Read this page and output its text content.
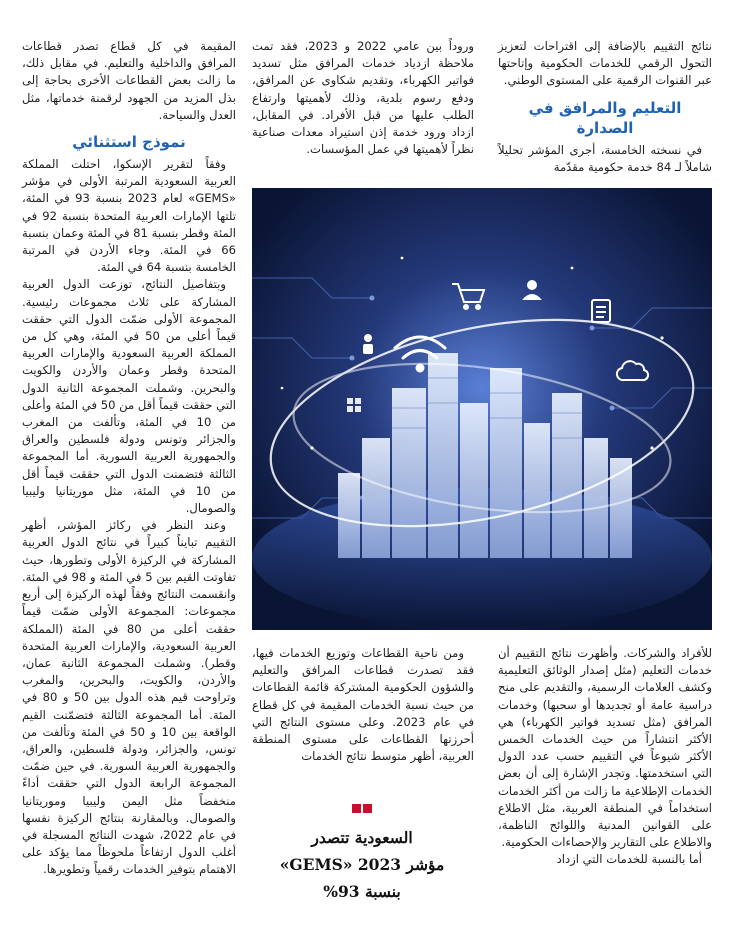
نتائج التقييم بالإضافة إلى اقتراحات لتعزيز التحول الرقمي للخدمات الحكومية وإتاحتها عبر القنوات الرقمية على المستوى الوطني.

التعليم والمرافق في الصدارة

في نسخته الخامسة، أجرى المؤشر تحليلاً شاملاً لـ 84 خدمة حكومية مقدّمة

وروداً بين عامي 2022 و 2023، فقد تمت ملاحظة ازدياد خدمات المرافق مثل تسديد فواتير الكهرباء، وتقديم شكاوى عن المرافق، ودفع رسوم بلدية، وذلك لأهميتها وارتفاع الطلب عليها من قبل الأفراد. في المقابل، ازداد ورود خدمة إذن استيراد معدات صناعية نظراً لأهميتها في عمل المؤسسات.

المقيمة في كل قطاع تصدر قطاعات المرافق والداخلية والتعليم. في مقابل ذلك، ما زالت بعض القطاعات الأخرى بحاجة إلى بذل المزيد من الجهود لرقمنة خدماتها، مثل العدل والسياحة.

نموذج استثنائي

وفقاً لتقرير الإسكوا، احتلت المملكة العربية السعودية المرتبة الأولى في مؤشر «GEMS» لعام 2023 بنسبة 93 في المئة، تلتها الإمارات العربية المتحدة بنسبة 92 في المئة وقطر بنسبة 81 في المئة وعمان بنسبة 66 في المئة. وجاء الأردن في المرتبة الخامسة بنسبة 64 في المئة.

وبتفاصيل النتائج، توزعت الدول العربية المشاركة على ثلاث مجموعات رئيسية. المجموعة الأولى ضمّت الدول التي حققت قيماً أعلى من 50 في المئة، وهي كل من المملكة العربية السعودية والإمارات العربية المتحدة وقطر وعمان والأردن والكويت والبحرين. وشملت المجموعة الثانية الدول التي حققت قيماً أقل من 50 في المئة وأعلى من 10 في المئة، وتألفت من المغرب والجزائر وتونس ودولة فلسطين والعراق والجمهورية العربية السورية. أما المجموعة الثالثة فتضمنت الدول التي حققت قيماً أقل من 10 في المئة، مثل موريتانيا وليبيا والصومال.

وعند النظر في ركائز المؤشر، أظهر التقييم تبايناً كبيراً في نتائج الدول العربية المشاركة في الركيزة الأولى وتطورها، حيث تفاوتت القيم بين 5 في المئة و 98 في المئة. وانقسمت النتائج وفقاً لهذه الركيزة إلى أربع مجموعات: المجموعة الأولى ضمّت قيماً حققت أعلى من 80 في المئة (المملكة العربية السعودية، والإمارات العربية المتحدة وقطر). وشملت المجموعة الثانية عمان، والأردن، والكويت، والبحرين، والمغرب وتراوحت قيم هذه الدول بين 50 و 80 في المئة. أما المجموعة الثالثة فتضمّنت القيم الواقعة بين 10 و 50 في المئة وتألفت من تونس، والجزائر، ودولة فلسطين، والعراق، والجمهورية العربية السورية. في حين ضمّت المجموعة الرابعة الدول التي حققت أداءً منخفضاً مثل اليمن وليبيا وموريتانيا والصومال. وبالمقارنة بنتائج الركيزة نفسها في عام 2022، شهدت النتائج المسجلة في أغلب الدول ارتفاعاً ملحوظاً مما يؤكد على الاهتمام بتوفير الخدمات رقمياً وتطويرها.

للأفراد والشركات. وأظهرت نتائج التقييم أن خدمات التعليم (مثل إصدار الوثائق التعليمية وكشف العلامات الرسمية، والتقديم على منح دراسية عامة أو تجديدها أو سحبها) وخدمات المرافق (مثل تسديد فواتير الكهرباء) هي الأكثر انتشاراً من حيث الخدمات الخمس الأكثر شيوعاً في التقييم حسب عدد الدول التي استخدمتها. وتجدر الإشارة إلى أن بعض الخدمات الإطلاعية ما زالت من أكثر الخدمات استخداماً في المنطقة العربية، مثل الاطلاع على القوانين المدنية واللوائح الناظمة، والاطلاع على التقارير والإحصاءات الحكومية.

أما بالنسبة للخدمات التي ازداد

ومن ناحية القطاعات وتوزيع الخدمات فيها، فقد تصدرت قطاعات المرافق والتعليم والشؤون الحكومية المشتركة قائمة القطاعات من حيث نسبة الخدمات المقيمة في كل قطاع في عام 2023. وعلى مستوى النتائج التي أحرزتها القطاعات على مستوى المنطقة العربية، أظهر متوسط نتائج الخدمات

السعودية تتصدر
مؤشر 2023 «GEMS»
بنسبة 93%
